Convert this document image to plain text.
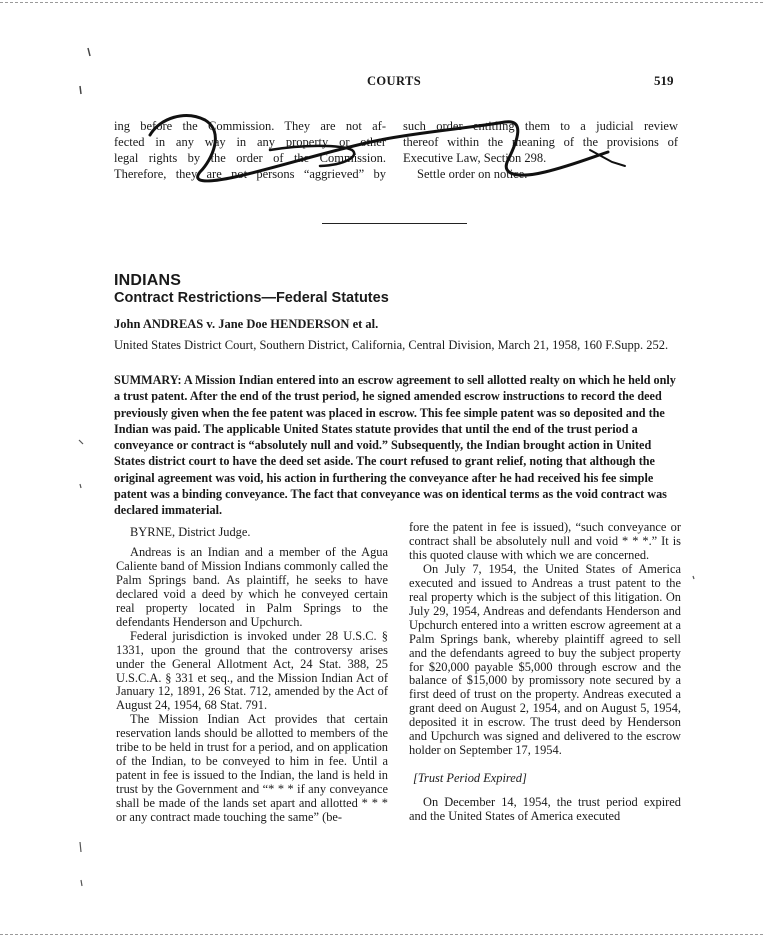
COURTS	519
ing before the Commission. They are not af-
fected in any way in any property or other
legal rights by the order of the Commission.
Therefore, they are not persons “aggrieved” by
such order entitling them to a judicial review
thereof within the meaning of the provisions of
Executive Law, Section 298.
Settle order on notice.
INDIANS
Contract Restrictions—Federal Statutes
John ANDREAS v. Jane Doe HENDERSON et al.
United States District Court, Southern District, California, Central Division, March 21, 1958, 160 F.Supp. 252.
SUMMARY: A Mission Indian entered into an escrow agreement to sell allotted realty on which he held only a trust patent. After the end of the trust period, he signed amended escrow instructions to record the deed previously given when the fee patent was placed in escrow. This fee simple patent was so deposited and the Indian was paid. The applicable United States statute provides that until the end of the trust period a conveyance or contract is “absolutely null and void.” Subsequently, the Indian brought action in United States district court to have the deed set aside. The court refused to grant relief, noting that although the original agreement was void, his action in furthering the conveyance after he had received his fee simple patent was a binding conveyance. The fact that conveyance was on identical terms as the void contract was declared immaterial.
BYRNE, District Judge.
Andreas is an Indian and a member of the Agua Caliente band of Mission Indians commonly called the Palm Springs band. As plaintiff, he seeks to have declared void a deed by which he conveyed certain real property located in Palm Springs to the defendants Henderson and Upchurch.
Federal jurisdiction is invoked under 28 U.S.C. § 1331, upon the ground that the controversy arises under the General Allotment Act, 24 Stat. 388, 25 U.S.C.A. § 331 et seq., and the Mission Indian Act of January 12, 1891, 26 Stat. 712, amended by the Act of August 24, 1954, 68 Stat. 791.
The Mission Indian Act provides that certain reservation lands should be allotted to members of the tribe to be held in trust for a period, and on application of the Indian, to be conveyed to him in fee. Until a patent in fee is issued to the Indian, the land is held in trust by the Government and “* * * if any conveyance shall be made of the lands set apart and allotted * * * or any contract made touching the same” (be-
fore the patent in fee is issued), “such conveyance or contract shall be absolutely null and void * * *.” It is this quoted clause with which we are concerned.
On July 7, 1954, the United States of America executed and issued to Andreas a trust patent to the real property which is the subject of this litigation. On July 29, 1954, Andreas and defendants Henderson and Upchurch entered into a written escrow agreement at a Palm Springs bank, whereby plaintiff agreed to sell and the defendants agreed to buy the subject property for $20,000 payable $5,000 through escrow and the balance of $15,000 by promissory note secured by a first deed of trust on the property. Andreas executed a grant deed on August 2, 1954, and on August 5, 1954, deposited it in escrow. The trust deed by Henderson and Upchurch was signed and delivered to the escrow holder on September 17, 1954.
[Trust Period Expired]
On December 14, 1954, the trust period expired and the United States of America executed
